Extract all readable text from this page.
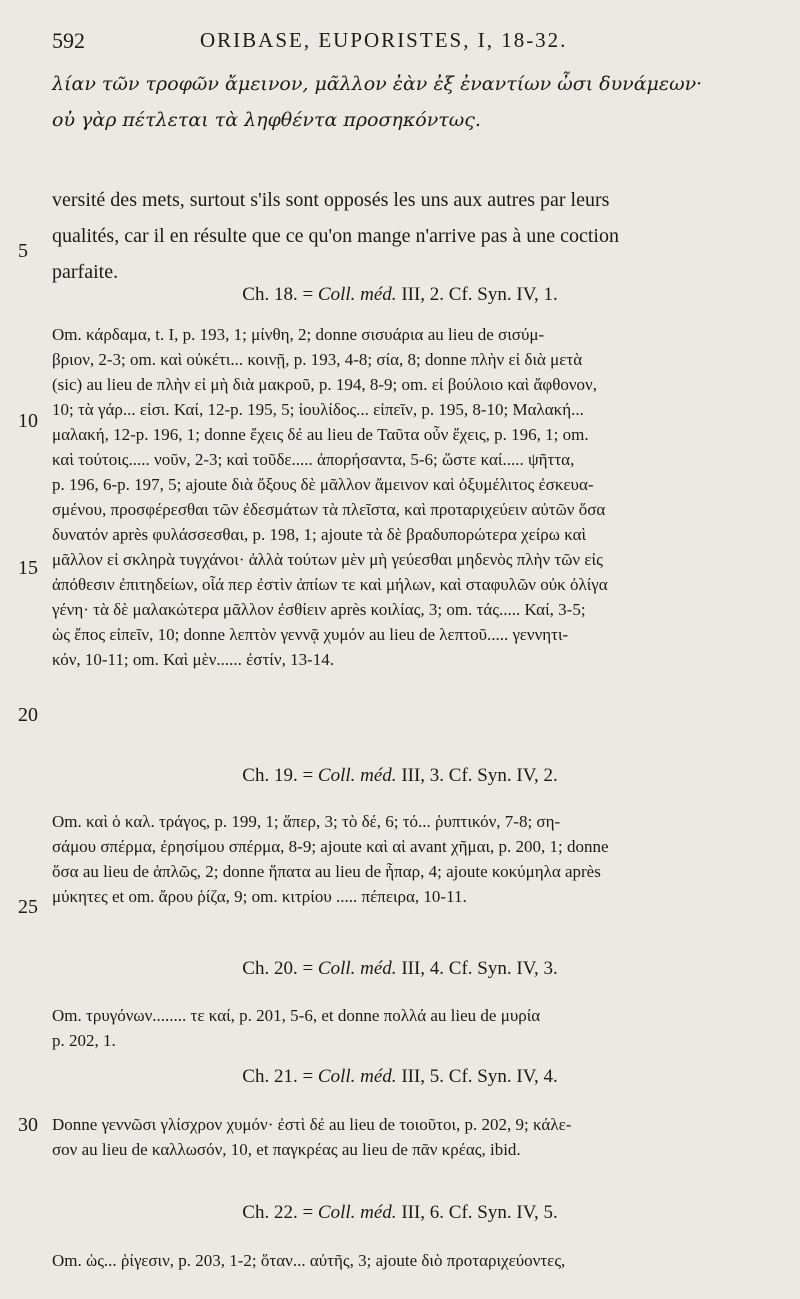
592	ORIBASE, EUPORISTES, I, 18-32.
λίαν τῶν τροφῶν ἄμεινον, μᾶλλον ἐὰν ἐξ ἐναντίων ὦσι δυνάμεων·
οὐ γὰρ πέτλεται τὰ ληφθέντα προσηκόντως.
versité des mets, surtout s'ils sont opposés les uns aux autres par leurs
qualités, car il en résulte que ce qu'on mange n'arrive pas à une coction
parfaite.
5
10
15
20
25
30
Ch. 18. = Coll. méd. III, 2. Cf. Syn. IV, 1.
Om. κάρδαμα, t. I, p. 193, 1; μίνθη, 2; donne σισυάρια au lieu de σισύμ-
βριον, 2-3; om. καὶ οὐκέτι... κοινῇ, p. 193, 4-8; σία, 8; donne πλὴν εἰ διὰ μετὰ
(sic) au lieu de πλὴν εἰ μὴ διὰ μακροῦ, p. 194, 8-9; om. εἰ βούλοιο καὶ ἄφθονον,
10; τὰ γάρ... εἰσι. Καί, 12-p. 195, 5; ἰουλίδος... εἰπεῖν, p. 195, 8-10; Μαλακή...
μαλακή, 12-p. 196, 1; donne ἔχεις δέ au lieu de Ταῦτα οὖν ἔχεις, p. 196, 1; om.
καὶ τούτοις..... νοῦν, 2-3; καὶ τοῦδε..... ἀπορήσαντα, 5-6; ὥστε καί..... ψῆττα,
p. 196, 6-p. 197, 5; ajoute διὰ ὄξους δὲ μᾶλλον ἄμεινον καὶ ὀξυμέλιτος ἐσκευα-
σμένου, προσφέρεσθαι τῶν ἐδεσμάτων τὰ πλεῖστα, καὶ προταριχεύειν αὐτῶν ὅσα
δυνατόν après φυλάσσεσθαι, p. 198, 1; ajoute τὰ δὲ βραδυπορώτερα χείρω καὶ
μᾶλλον εἰ σκληρὰ τυγχάνοι· ἀλλὰ τούτων μὲν μὴ γεύεσθαι μηδενὸς πλὴν τῶν εἰς
ἀπόθεσιν ἐπιτηδείων, οἷά περ ἐστὶν ἀπίων τε καὶ μήλων, καὶ σταφυλῶν οὐκ ὀλίγα
γένη· τὰ δὲ μαλακώτερα μᾶλλον ἐσθίειν après κοιλίας, 3; om. τάς..... Καί, 3-5;
ὡς ἔπος εἰπεῖν, 10; donne λεπτὸν γεννᾷ χυμόν au lieu de λεπτοῦ..... γεννητι-
κόν, 10-11; om. Καὶ μὲν...... ἐστίν, 13-14.
Ch. 19. = Coll. méd. III, 3. Cf. Syn. IV, 2.
Om. καὶ ὁ καλ. τράγος, p. 199, 1; ἅπερ, 3; τὸ δέ, 6; τό... ῥυπτικόν, 7-8; ση-
σάμου σπέρμα, ἐρησίμου σπέρμα, 8-9; ajoute καὶ αἱ avant χῆμαι, p. 200, 1; donne
ὅσα au lieu de ἁπλῶς, 2; donne ἥπατα au lieu de ἧπαρ, 4; ajoute κοκύμηλα après
μύκητες et om. ἄρου ῥίζα, 9; om. κιτρίου ..... πέπειρα, 10-11.
Ch. 20. = Coll. méd. III, 4. Cf. Syn. IV, 3.
Om. τρυγόνων........ τε καί, p. 201, 5-6, et donne πολλά au lieu de μυρία
p. 202, 1.
Ch. 21. = Coll. méd. III, 5. Cf. Syn. IV, 4.
Donne γεννῶσι γλίσχρον χυμόν· ἐστὶ δέ au lieu de τοιοῦτοι, p. 202, 9; κάλε-
σον au lieu de καλλωσόν, 10, et παγκρέας au lieu de πᾶν κρέας, ibid.
Ch. 22. = Coll. méd. III, 6. Cf. Syn. IV, 5.
Om. ὡς... ῥίγεσιν, p. 203, 1-2; ὅταν... αὐτῆς, 3; ajoute διὸ προταριχεύοντες,
